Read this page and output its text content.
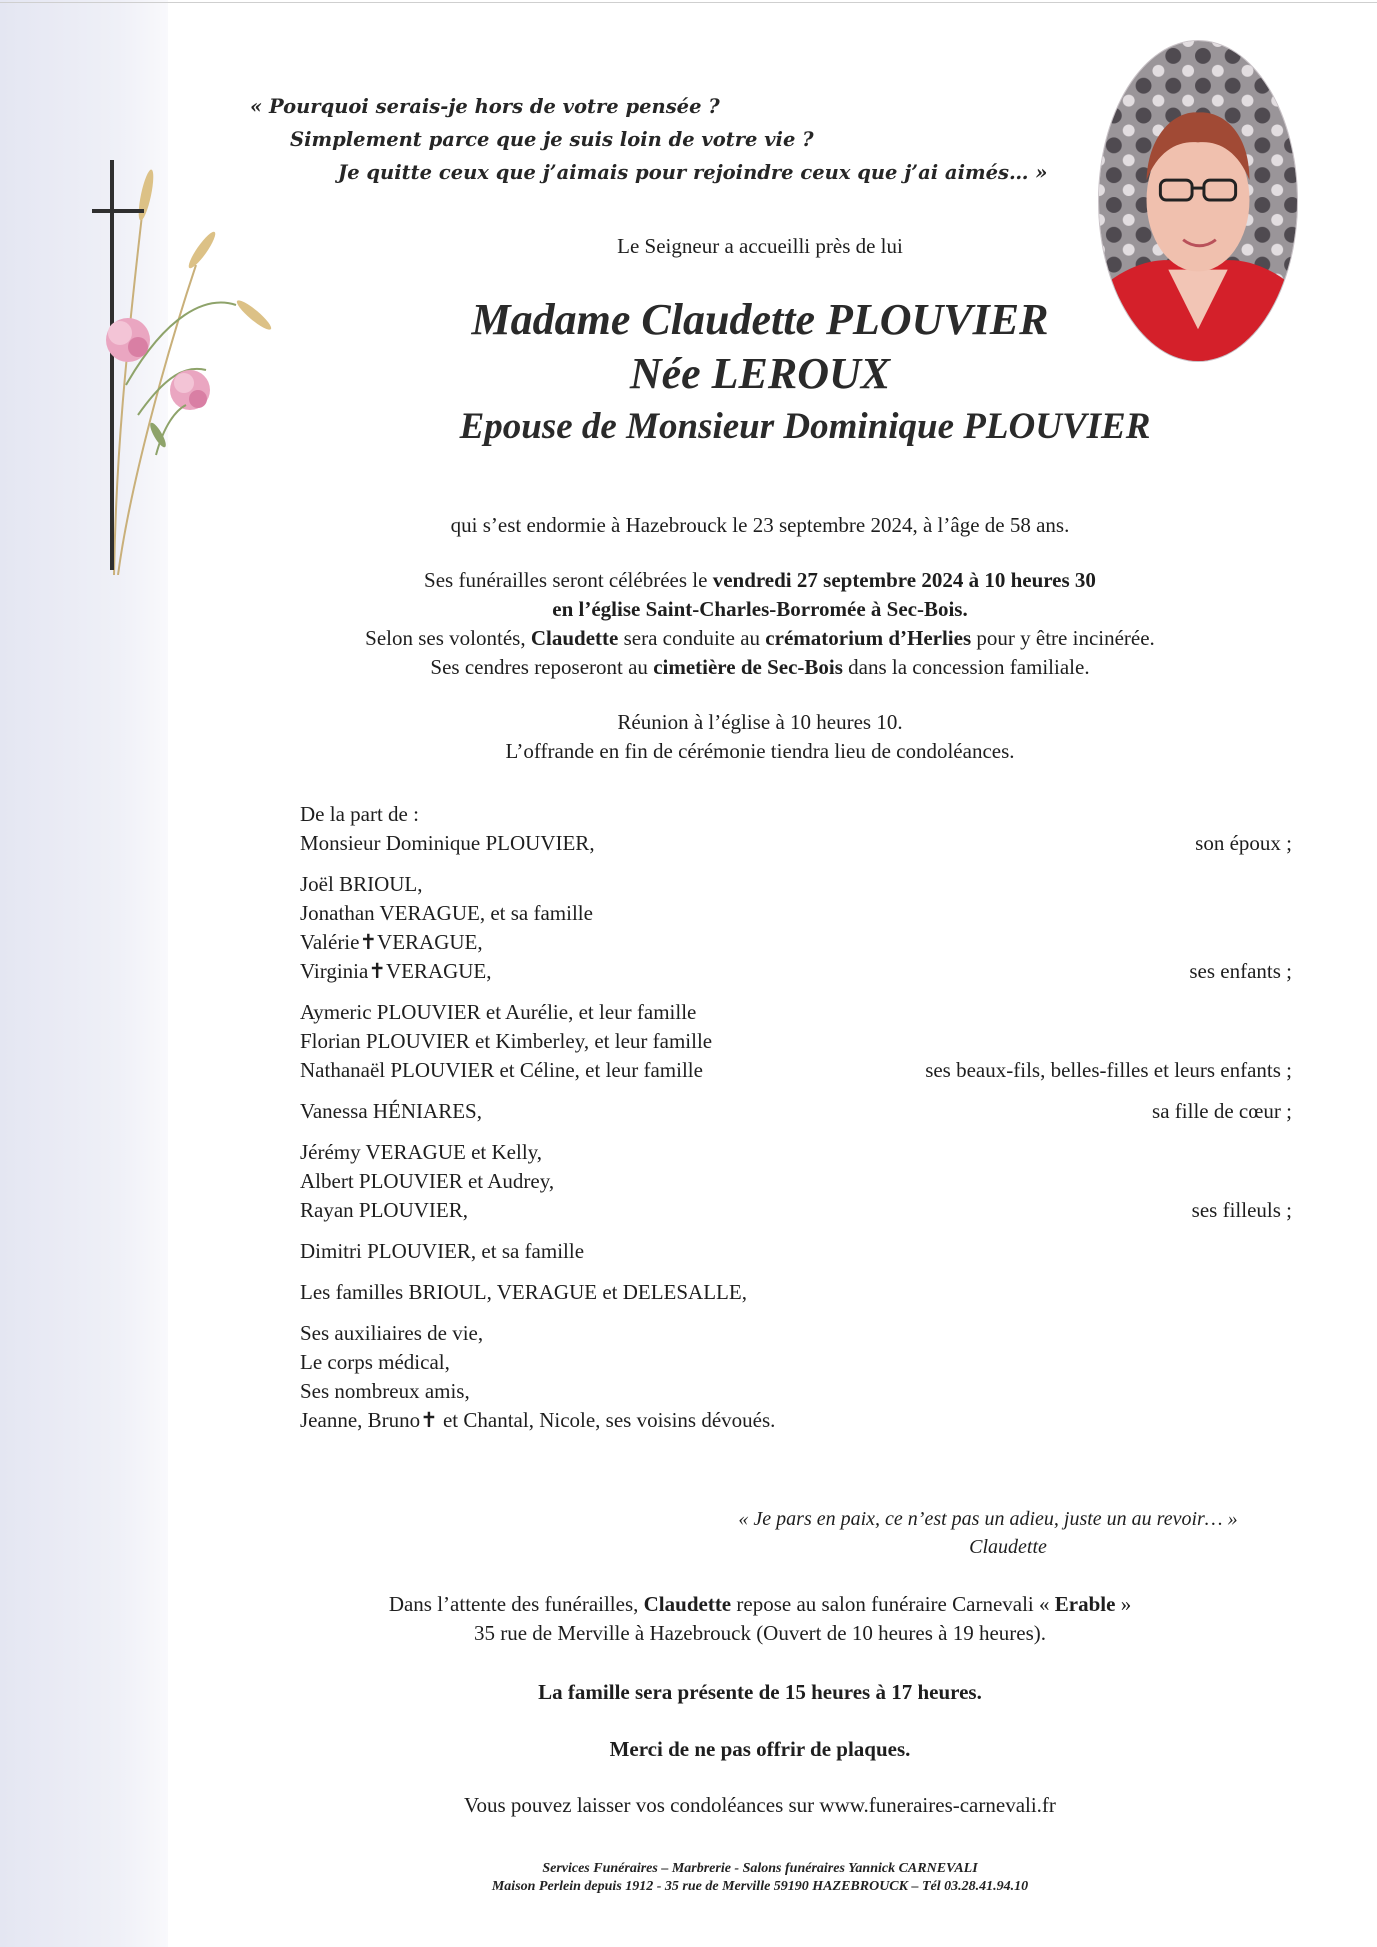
« Pourquoi serais-je hors de votre pensée ?
Simplement parce que je suis loin de votre vie ?
Je quitte ceux que j’aimais pour rejoindre ceux que j’ai aimés… »
Le Seigneur a accueilli près de lui
Madame Claudette PLOUVIER
Née LEROUX
Epouse de Monsieur Dominique PLOUVIER
qui s’est endormie à Hazebrouck le 23 septembre 2024, à l’âge de 58 ans.
Ses funérailles seront célébrées le vendredi 27 septembre 2024 à 10 heures 30
en l’église Saint-Charles-Borromée à Sec-Bois.
Selon ses volontés, Claudette sera conduite au crématorium d’Herlies pour y être incinérée.
Ses cendres reposeront au cimetière de Sec-Bois dans la concession familiale.
Réunion à l’église à 10 heures 10.
L’offrande en fin de cérémonie tiendra lieu de condoléances.
De la part de :
Monsieur Dominique PLOUVIER,	son époux ;
Joël BRIOUL,
Jonathan VERAGUE, et sa famille
Valérie✝VERAGUE,
Virginia✝VERAGUE,	ses enfants ;
Aymeric PLOUVIER et Aurélie, et leur famille
Florian PLOUVIER et Kimberley, et leur famille
Nathanaël PLOUVIER et Céline, et leur famille	ses beaux-fils, belles-filles et leurs enfants ;
Vanessa HÉNIARES,	sa fille de cœur ;
Jérémy VERAGUE et Kelly,
Albert PLOUVIER et Audrey,
Rayan PLOUVIER,	ses filleuls ;
Dimitri PLOUVIER, et sa famille
Les familles BRIOUL, VERAGUE et DELESALLE,
Ses auxiliaires de vie,
Le corps médical,
Ses nombreux amis,
Jeanne, Bruno✝ et Chantal, Nicole, ses voisins dévoués.
« Je pars en paix, ce n’est pas un adieu, juste un au revoir… »
Claudette
Dans l’attente des funérailles, Claudette repose au salon funéraire Carnevali « Erable »
35 rue de Merville à Hazebrouck (Ouvert de 10 heures à 19 heures).
La famille sera présente de 15 heures à 17 heures.
Merci de ne pas offrir de plaques.
Vous pouvez laisser vos condoléances sur www.funeraires-carnevali.fr
Services Funéraires – Marbrerie - Salons funéraires Yannick CARNEVALI
Maison Perlein depuis 1912 - 35 rue de Merville 59190 HAZEBROUCK – Tél 03.28.41.94.10
